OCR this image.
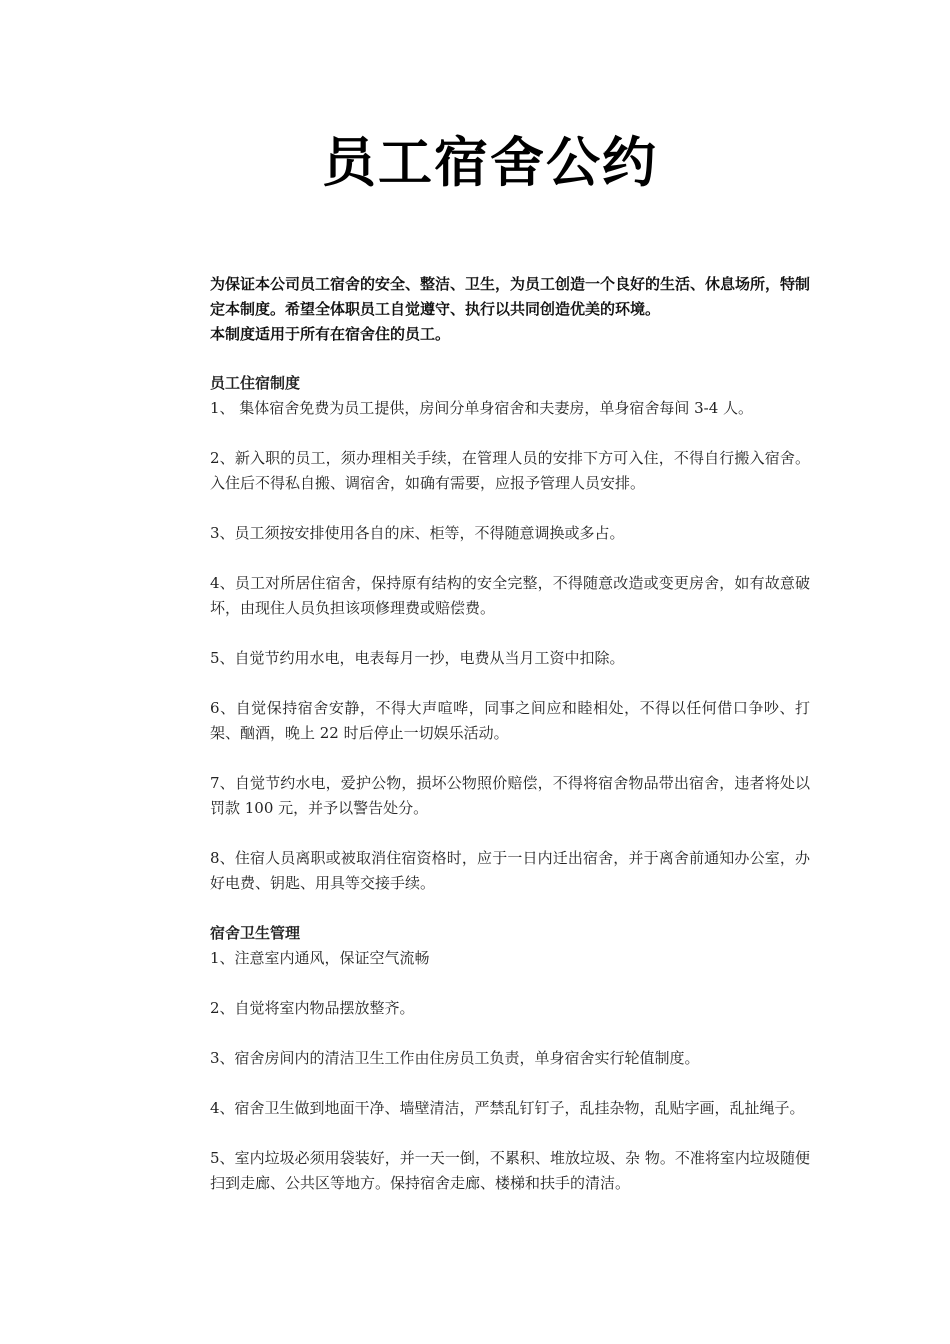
员工宿舍公约

为保证本公司员工宿舍的安全、整洁、卫生，为员工创造一个良好的生活、休息场所，特制定本制度。希望全体职员工自觉遵守、执行以共同创造优美的环境。

本制度适用于所有在宿舍住的员工。

员工住宿制度

1、 集体宿舍免费为员工提供，房间分单身宿舍和夫妻房，单身宿舍每间 3-4 人。

2、新入职的员工，须办理相关手续，在管理人员的安排下方可入住，不得自行搬入宿舍。入住后不得私自搬、调宿舍，如确有需要，应报予管理人员安排。

3、员工须按安排使用各自的床、柜等，不得随意调换或多占。

4、员工对所居住宿舍，保持原有结构的安全完整，不得随意改造或变更房舍，如有故意破坏，由现住人员负担该项修理费或赔偿费。

5、自觉节约用水电，电表每月一抄，电费从当月工资中扣除。

6、自觉保持宿舍安静，不得大声喧哗，同事之间应和睦相处，不得以任何借口争吵、打架、酗酒，晚上 22 时后停止一切娱乐活动。

7、自觉节约水电，爱护公物，损坏公物照价赔偿，不得将宿舍物品带出宿舍，违者将处以罚款 100 元，并予以警告处分。

8、住宿人员离职或被取消住宿资格时，应于一日内迁出宿舍，并于离舍前通知办公室，办好电费、钥匙、用具等交接手续。

宿舍卫生管理

1、注意室内通风，保证空气流畅

2、自觉将室内物品摆放整齐。

3、宿舍房间内的清洁卫生工作由住房员工负责，单身宿舍实行轮值制度。

4、宿舍卫生做到地面干净、墙壁清洁，严禁乱钉钉子，乱挂杂物，乱贴字画，乱扯绳子。

5、室内垃圾必须用袋装好，并一天一倒，不累积、堆放垃圾、杂 物。不准将室内垃圾随便扫到走廊、公共区等地方。保持宿舍走廊、楼梯和扶手的清洁。
